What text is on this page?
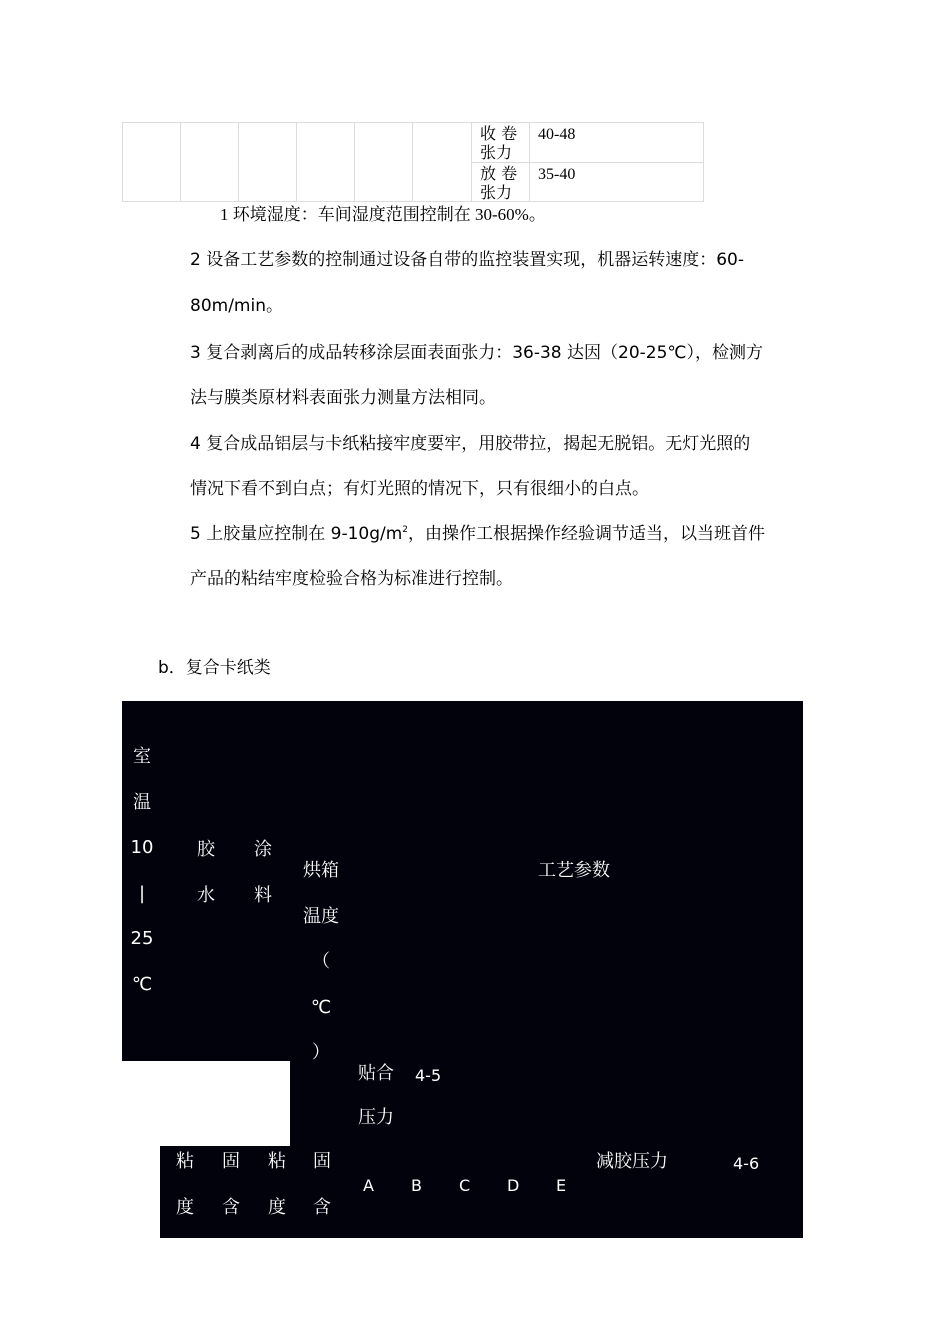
收 卷
张力
40-48
放 卷
张力
35-40
1 环境湿度：车间湿度范围控制在 30-60%。
2 设备工艺参数的控制通过设备自带的监控装置实现，机器运转速度：60-
80m/min。
3 复合剥离后的成品转移涂层面表面张力：36-38 达因（20-25℃），检测方
法与膜类原材料表面张力测量方法相同。
4 复合成品铝层与卡纸粘接牢度要牢，用胶带拉，揭起无脱铝。无灯光照的
情况下看不到白点；有灯光照的情况下，只有很细小的白点。
5 上胶量应控制在 $9-10g/m^2$，由操作工根据操作经验调节适当，以当班首件
产品的粘结牢度检验合格为标准进行控制。
b．复合卡纸类
室
温
10
|
25
℃
胶
水
涂
料
烘箱
温度
（
℃
）
工艺参数
贴合
压力
4-5
粘
度
固
含
粘
度
固
含
A B C D E
减胶压力	4-6
